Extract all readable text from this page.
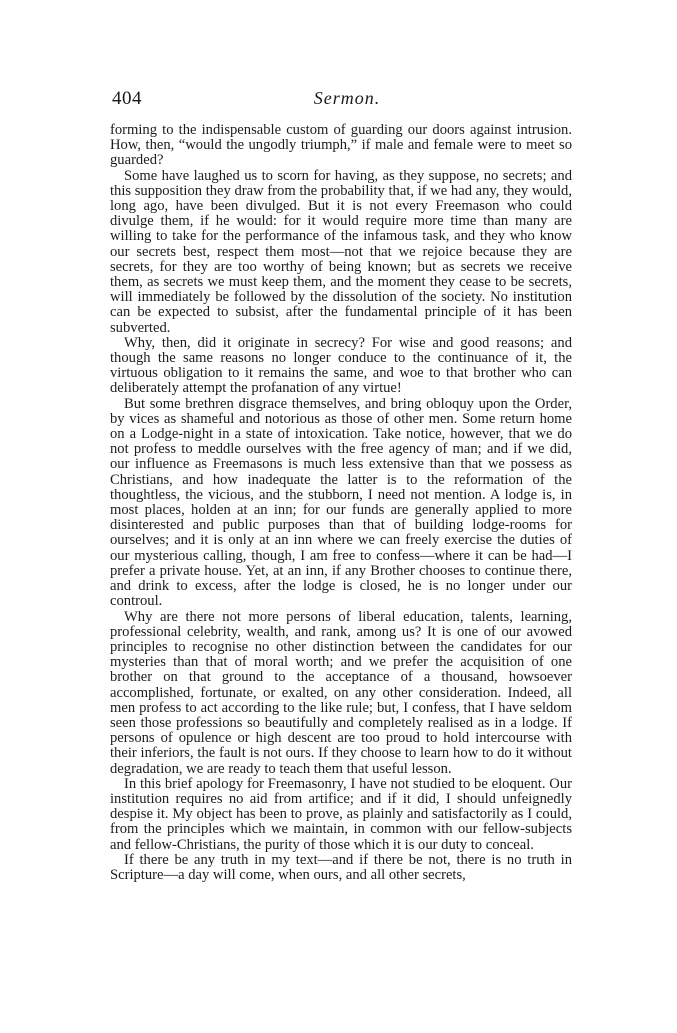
404	Sermon.

forming to the indispensable custom of guarding our doors against intrusion. How, then, “would the ungodly triumph,” if male and female were to meet so guarded?

Some have laughed us to scorn for having, as they suppose, no secrets; and this supposition they draw from the probability that, if we had any, they would, long ago, have been divulged. But it is not every Freemason who could divulge them, if he would: for it would require more time than many are willing to take for the performance of the infamous task, and they who know our secrets best, respect them most—not that we rejoice because they are secrets, for they are too worthy of being known; but as secrets we receive them, as secrets we must keep them, and the moment they cease to be secrets, will immediately be followed by the dissolution of the society. No institution can be expected to subsist, after the fundamental principle of it has been subverted.

Why, then, did it originate in secrecy? For wise and good reasons; and though the same reasons no longer conduce to the continuance of it, the virtuous obligation to it remains the same, and woe to that brother who can deliberately attempt the profanation of any virtue!

But some brethren disgrace themselves, and bring obloquy upon the Order, by vices as shameful and notorious as those of other men. Some return home on a Lodge-night in a state of intoxication. Take notice, however, that we do not profess to meddle ourselves with the free agency of man; and if we did, our influence as Freemasons is much less extensive than that we possess as Christians, and how inadequate the latter is to the reformation of the thoughtless, the vicious, and the stubborn, I need not mention. A lodge is, in most places, holden at an inn; for our funds are generally applied to more disinterested and public purposes than that of building lodge-rooms for ourselves; and it is only at an inn where we can freely exercise the duties of our mysterious calling, though, I am free to confess—where it can be had—I prefer a private house. Yet, at an inn, if any Brother chooses to continue there, and drink to excess, after the lodge is closed, he is no longer under our controul.

Why are there not more persons of liberal education, talents, learning, professional celebrity, wealth, and rank, among us? It is one of our avowed principles to recognise no other distinction between the candidates for our mysteries than that of moral worth; and we prefer the acquisition of one brother on that ground to the acceptance of a thousand, howsoever accomplished, fortunate, or exalted, on any other consideration. Indeed, all men profess to act according to the like rule; but, I confess, that I have seldom seen those professions so beautifully and completely realised as in a lodge. If persons of opulence or high descent are too proud to hold intercourse with their inferiors, the fault is not ours. If they choose to learn how to do it without degradation, we are ready to teach them that useful lesson.

In this brief apology for Freemasonry, I have not studied to be eloquent. Our institution requires no aid from artifice; and if it did, I should unfeignedly despise it. My object has been to prove, as plainly and satisfactorily as I could, from the principles which we maintain, in common with our fellow-subjects and fellow-Christians, the purity of those which it is our duty to conceal.

If there be any truth in my text—and if there be not, there is no truth in Scripture—a day will come, when ours, and all other secrets,
